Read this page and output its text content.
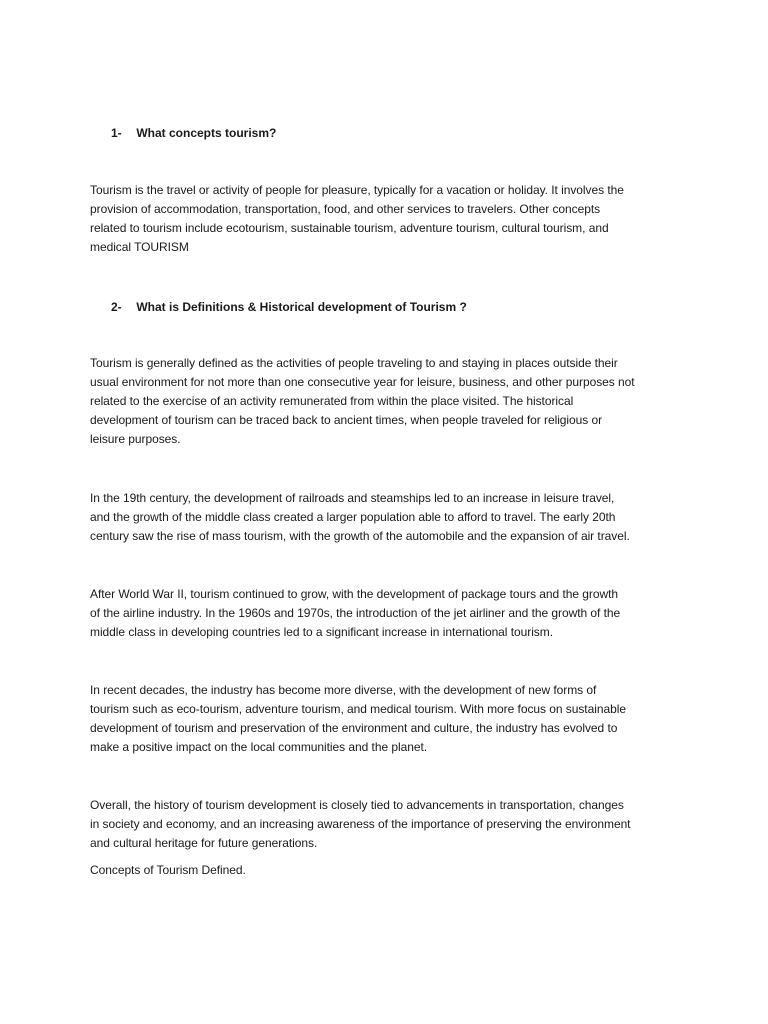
1- What concepts tourism?

Tourism is the travel or activity of people for pleasure, typically for a vacation or holiday. It involves the
provision of accommodation, transportation, food, and other services to travelers. Other concepts
related to tourism include ecotourism, sustainable tourism, adventure tourism, cultural tourism, and
medical TOURISM

2- What is Definitions & Historical development of Tourism ?

Tourism is generally defined as the activities of people traveling to and staying in places outside their
usual environment for not more than one consecutive year for leisure, business, and other purposes not
related to the exercise of an activity remunerated from within the place visited. The historical
development of tourism can be traced back to ancient times, when people traveled for religious or
leisure purposes.

In the 19th century, the development of railroads and steamships led to an increase in leisure travel,
and the growth of the middle class created a larger population able to afford to travel. The early 20th
century saw the rise of mass tourism, with the growth of the automobile and the expansion of air travel.

After World War II, tourism continued to grow, with the development of package tours and the growth
of the airline industry. In the 1960s and 1970s, the introduction of the jet airliner and the growth of the
middle class in developing countries led to a significant increase in international tourism.

In recent decades, the industry has become more diverse, with the development of new forms of
tourism such as eco-tourism, adventure tourism, and medical tourism. With more focus on sustainable
development of tourism and preservation of the environment and culture, the industry has evolved to
make a positive impact on the local communities and the planet.

Overall, the history of tourism development is closely tied to advancements in transportation, changes
in society and economy, and an increasing awareness of the importance of preserving the environment
and cultural heritage for future generations.

Concepts of Tourism Defined.
